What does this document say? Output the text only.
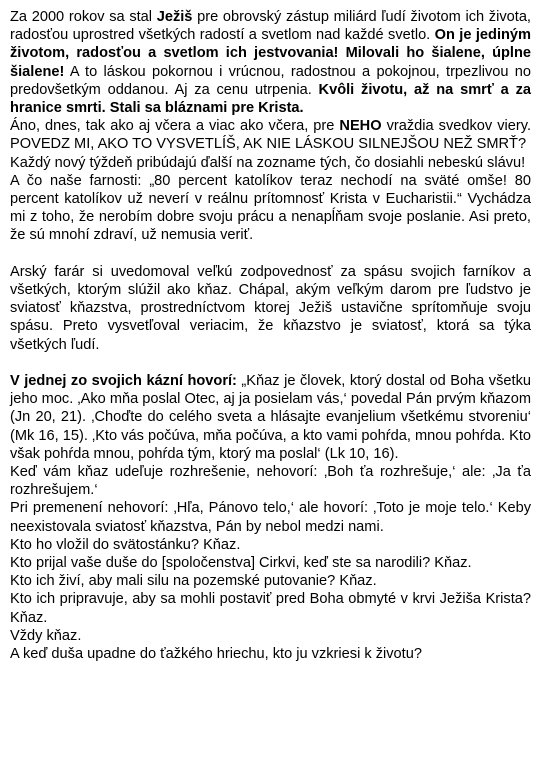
Za 2000 rokov sa stal Ježiš pre obrovský zástup miliárd ľudí životom ich života, radosťou uprostred všetkých radostí a svetlom nad každé svetlo. On je jediným životom, radosťou a svetlom ich jestvovania! Milovali ho šialene, úplne šialene! A to láskou pokornou i vrúcnou, radostnou a pokojnou, trpezlivou no predovšetkým oddanou. Aj za cenu utrpenia. Kvôli životu, až na smrť a za hranice smrti. Stali sa bláznami pre Krista.

Áno, dnes, tak ako aj včera a viac ako včera, pre NEHO vraždia svedkov viery. POVEDZ MI, AKO TO VYSVETLÍŠ, AK NIE LÁSKOU SILNEJŠOU NEŽ SMRŤ?

Každý nový týždeň pribúdajú ďalší na zozname tých, čo dosiahli nebeskú slávu!

A čo naše farnosti: „80 percent katolíkov teraz nechodí na sväté omše! 80 percent katolíkov už neverí v reálnu prítomnosť Krista v Eucharistii.“ Vychádza mi z toho, že nerobím dobre svoju prácu a nenapĺňam svoje poslanie. Asi preto, že sú mnohí zdraví, už nemusia veriť.

Arský farár si uvedomoval veľkú zodpovednosť za spásu svojich farníkov a všetkých, ktorým slúžil ako kňaz. Chápal, akým veľkým darom pre ľudstvo je sviatosť kňazstva, prostredníctvom ktorej Ježiš ustavične sprítomňuje svoju spásu. Preto vysvetľoval veriacim, že kňazstvo je sviatosť, ktorá sa týka všetkých ľudí.

V jednej zo svojich kázní hovorí: „Kňaz je človek, ktorý dostal od Boha všetku jeho moc. ‚Ako mňa poslal Otec, aj ja posielam vás,‘ povedal Pán prvým kňazom (Jn 20, 21). ‚Choďte do celého sveta a hlásajte evanjelium všetkému stvoreniu‘ (Mk 16, 15). ‚Kto vás počúva, mňa počúva, a kto vami pohŕda, mnou pohŕda. Kto však pohŕda mnou, pohŕda tým, ktorý ma poslal‘ (Lk 10, 16).

Keď vám kňaz udeľuje rozhrešenie, nehovorí: ‚Boh ťa rozhrešuje,‘ ale: ‚Ja ťa rozhrešujem.‘

Pri premenení nehovorí: ‚Hľa, Pánovo telo,‘ ale hovorí: ‚Toto je moje telo.‘ Keby neexistovala sviatosť kňazstva, Pán by nebol medzi nami.

Kto ho vložil do svätostánku? Kňaz.

Kto prijal vaše duše do [spoločenstva] Cirkvi, keď ste sa narodili? Kňaz.

Kto ich živí, aby mali silu na pozemské putovanie? Kňaz.

Kto ich pripravuje, aby sa mohli postaviť pred Boha obmyté v krvi Ježiša Krista? Kňaz.

Vždy kňaz.

A keď duša upadne do ťažkého hriechu, kto ju vzkriesi k životu?
